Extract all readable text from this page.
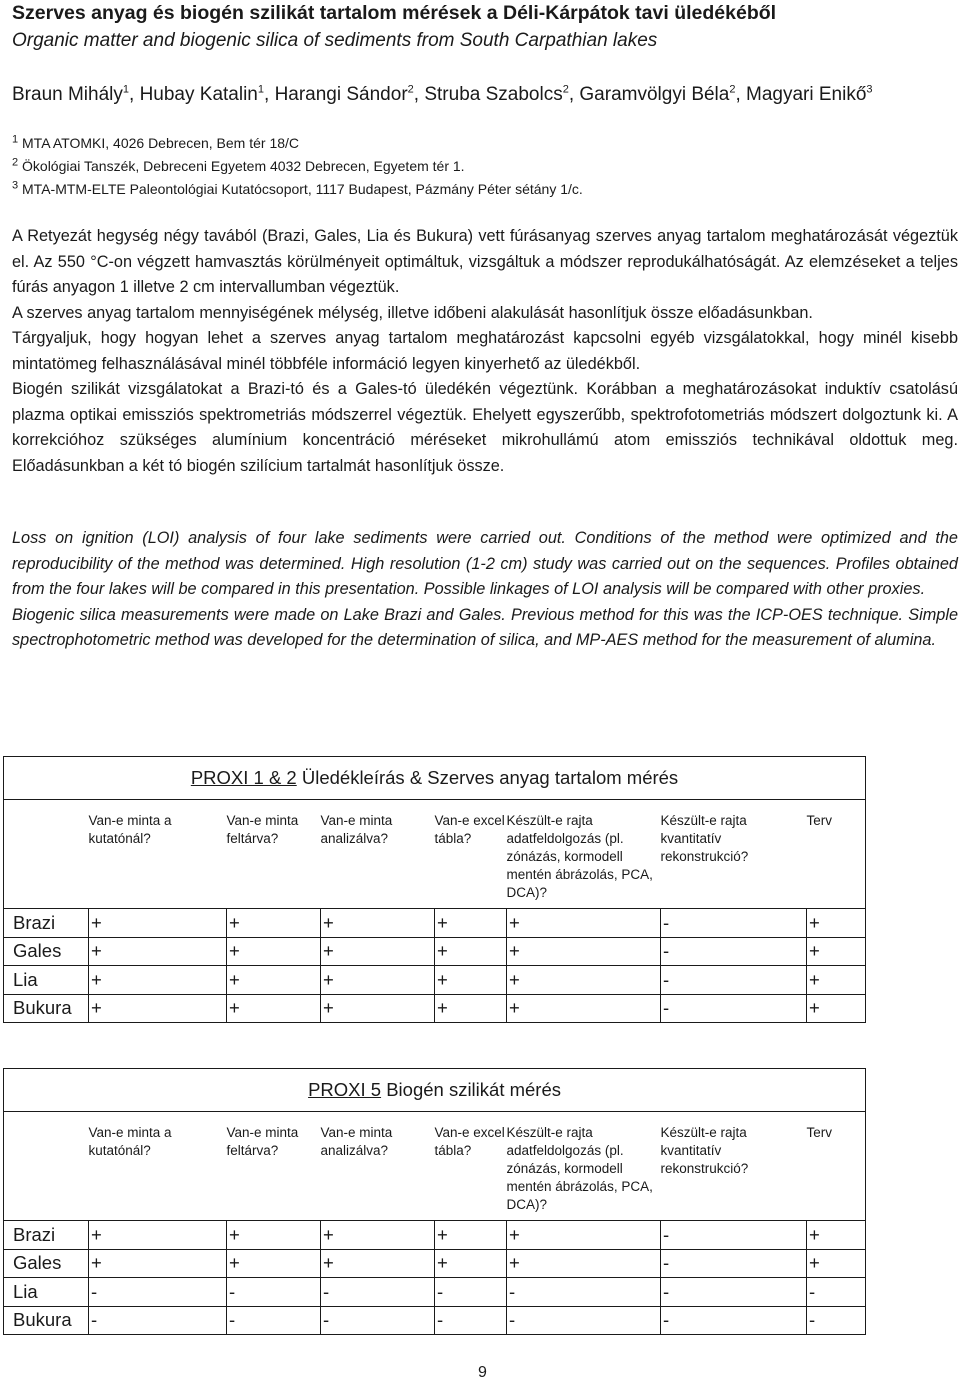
Szerves anyag és biogén szilikát tartalom mérések a Déli-Kárpátok tavi üledékéből
Organic matter and biogenic silica of sediments from South Carpathian lakes
Braun Mihály$^1$, Hubay Katalin$^1$, Harangi Sándor$^2$, Struba Szabolcs$^2$, Garamvölgyi Béla$^2$, Magyari Enikő$^3$
$^1$ MTA ATOMKI, 4026 Debrecen, Bem tér 18/C
$^2$ Ökológiai Tanszék, Debreceni Egyetem 4032 Debrecen, Egyetem tér 1.
$^3$ MTA-MTM-ELTE Paleontológiai Kutatócsoport, 1117 Budapest, Pázmány Péter sétány 1/c.

A Retyezát hegység négy tavából (Brazi, Gales, Lia és Bukura) vett fúrásanyag szerves anyag tartalom meghatározását végeztük el. Az 550 °C-on végzett hamvasztás körülményeit optimáltuk, vizsgáltuk a módszer reprodukálhatóságát. Az elemzéseket a teljes fúrás anyagon 1 illetve 2 cm intervallumban végeztük.

A szerves anyag tartalom mennyiségének mélység, illetve időbeni alakulását hasonlítjuk össze előadásunkban.

Tárgyaljuk, hogy hogyan lehet a szerves anyag tartalom meghatározást kapcsolni egyéb vizsgálatokkal, hogy minél kisebb mintatömeg felhasználásával minél többféle információ legyen kinyerhető az üledékből.

Biogén szilikát vizsgálatokat a Brazi-tó és a Gales-tó üledékén végeztünk. Korábban a meghatározásokat induktív csatolású plazma optikai emissziós spektrometriás módszerrel végeztük. Ehelyett egyszerűbb, spektrofotometriás módszert dolgoztunk ki. A korrekcióhoz szükséges alumínium koncentráció méréseket mikrohullámú atom emissziós technikával oldottuk meg. Előadásunkban a két tó biogén szilícium tartalmát hasonlítjuk össze.

Loss on ignition (LOI) analysis of four lake sediments were carried out. Conditions of the method were optimized and the reproducibility of the method was determined. High resolution (1-2 cm) study was carried out on the sequences. Profiles obtained from the four lakes will be compared in this presentation. Possible linkages of LOI analysis will be compared with other proxies.

Biogenic silica measurements were made on Lake Brazi and Gales. Previous method for this was the ICP-OES technique. Simple spectrophotometric method was developed for the determination of silica, and MP-AES method for the measurement of alumina.

PROXI 1 & 2 Üledékleírás & Szerves anyag tartalom mérés							

	Van-e minta a kutatónál?	Van-e minta feltárva?	Van-e minta analizálva?	Van-e excel tábla?	Készült-e rajta adatfeldolgozás (pl. zónázás, kormodell mentén ábrázolás, PCA, DCA)?	Készült-e rajta kvantitatív rekonstrukció?	Terv

Brazi	+	+	+	+	+	-	+
Gales	+	+	+	+	+	-	+
Lia	+	+	+	+	+	-	+
Bukura	+	+	+	+	+	-	+
PROXI 5 Biogén szilikát mérés							

	Van-e minta a kutatónál?	Van-e minta feltárva?	Van-e minta analizálva?	Van-e excel tábla?	Készült-e rajta adatfeldolgozás (pl. zónázás, kormodell mentén ábrázolás, PCA, DCA)?	Készült-e rajta kvantitatív rekonstrukció?	Terv

Brazi	+	+	+	+	+	-	+
Gales	+	+	+	+	+	-	+
Lia	-	-	-	-	-	-	-
Bukura	-	-	-	-	-	-	-
9
